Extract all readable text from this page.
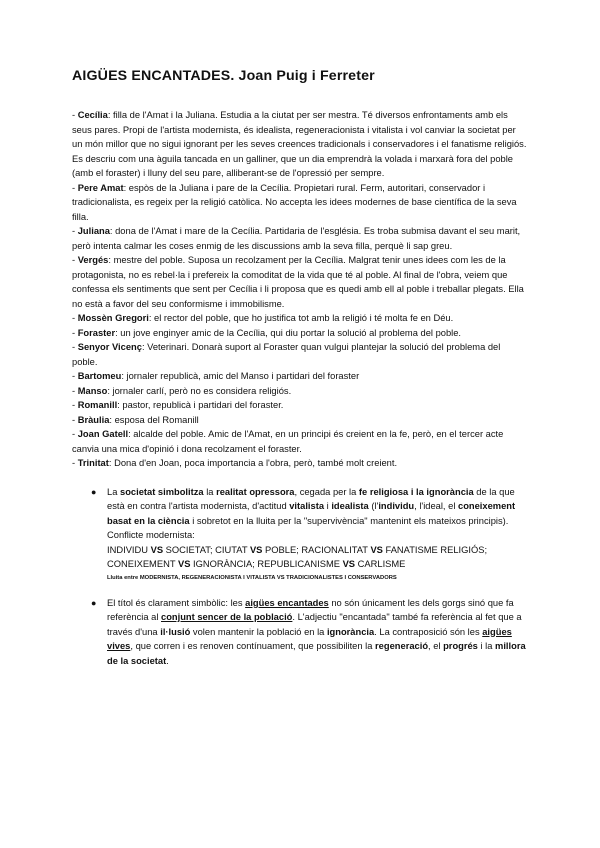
AIGÜES ENCANTADES. Joan Puig i Ferreter

- Cecília: filla de l'Amat i la Juliana. Estudia a la ciutat per ser mestra. Té diversos enfrontaments amb els seus pares. Propi de l'artista modernista, és idealista, regeneracionista i vitalista i vol canviar la societat per un món millor que no sigui ignorant per les seves creences tradicionals i conservadores i el fanatisme religiós. Es descriu com una àguila tancada en un galliner, que un dia emprendrà la volada i marxarà fora del poble (amb el foraster) i lluny del seu pare, alliberant-se de l'opressió per sempre.

- Pere Amat: espòs de la Juliana i pare de la Cecília. Propietari rural. Ferm, autoritari, conservador i tradicionalista, es regeix per la religió catòlica. No accepta les idees modernes de base científica de la seva filla.

- Juliana: dona de l'Amat i mare de la Cecília. Partidaria de l'església. Es troba submisa davant el seu marit, però intenta calmar les coses enmig de les discussions amb la seva filla, perquè li sap greu.

- Vergés: mestre del poble. Suposa un recolzament per la Cecília. Malgrat tenir unes idees com les de la protagonista, no es rebel·la i prefereix la comoditat de la vida que té al poble. Al final de l'obra, veiem que confessa els sentiments que sent per Cecília i li proposa que es quedi amb ell al poble i treballar plegats. Ella no està a favor del seu conformisme i immobilisme.

- Mossèn Gregori: el rector del poble, que ho justifica tot amb la religió i té molta fe en Déu.

- Foraster: un jove enginyer amic de la Cecília, qui diu portar la solució al problema del poble.

- Senyor Vicenç: Veterinari. Donarà suport al Foraster quan vulgui plantejar la solució del problema del poble.

- Bartomeu: jornaler republicà, amic del Manso i partidari del foraster

- Manso: jornaler carlí, però no es considera religiós.

- Romanill: pastor, republicà i partidari del foraster.

- Bràulia: esposa del Romanill

- Joan Gatell: alcalde del poble. Amic de l'Amat, en un principi és creient en la fe, però, en el tercer acte canvia una mica d'opinió i dona recolzament el foraster.

- Trinitat: Dona d'en Joan, poca importancia a l'obra, però, també molt creient.

● La societat simbolitza la realitat opressora, cegada per la fe religiosa i la ignorància de la que està en contra l'artista modernista, d'actitud vitalista i idealista (l'individu, l'ideal, el coneixement basat en la ciència i sobretot en la lluita per la "supervivència" mantenint els mateixos principis). Conflicte modernista:
INDIVIDU VS SOCIETAT; CIUTAT VS POBLE; RACIONALITAT VS FANATISME RELIGIÓS; CONEIXEMENT VS IGNORÀNCIA; REPUBLICANISME VS CARLISME
Lluita entre MODERNISTA, REGENERACIONISTA I VITALISTA VS TRADICIONALISTES I CONSERVADORS
● El títol és clarament simbòlic: les aigües encantades no són únicament les dels gorgs sinó que fa referència al conjunt sencer de la població. L'adjectiu "encantada" també fa referència al fet que a través d'una il·lusió volen mantenir la població en la ignorància. La contraposició són les aigües vives, que corren i es renoven contínuament, que possibiliten la regeneració, el progrés i la millora de la societat.
